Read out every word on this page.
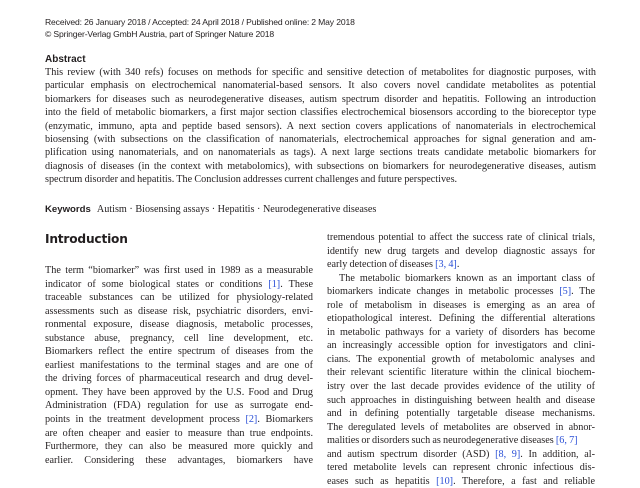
Received: 26 January 2018 / Accepted: 24 April 2018 / Published online: 2 May 2018
© Springer-Verlag GmbH Austria, part of Springer Nature 2018
Abstract
This review (with 340 refs) focuses on methods for specific and sensitive detection of metabolites for diagnostic purposes, with
particular emphasis on electrochemical nanomaterial-based sensors. It also covers novel candidate metabolites as potential
biomarkers for diseases such as neurodegenerative diseases, autism spectrum disorder and hepatitis. Following an introduction
into the field of metabolic biomarkers, a first major section classifies electrochemical biosensors according to the bioreceptor type
(enzymatic, immuno, apta and peptide based sensors). A next section covers applications of nanomaterials in electrochemical
biosensing (with subsections on the classification of nanomaterials, electrochemical approaches for signal generation and am-
plification using nanomaterials, and on nanomaterials as tags). A next large sections treats candidate metabolic biomarkers for
diagnosis of diseases (in the context with metabolomics), with subsections on biomarkers for neurodegenerative diseases, autism
spectrum disorder and hepatitis. The Conclusion addresses current challenges and future perspectives.
Keywords Autism · Biosensing assays · Hepatitis · Neurodegenerative diseases
Introduction
The term “biomarker” was first used in 1989 as a measurable
indicator of some biological states or conditions [1]. These
traceable substances can be utilized for physiology-related
assessments such as disease risk, psychiatric disorders, envi-
ronmental exposure, disease diagnosis, metabolic processes,
substance abuse, pregnancy, cell line development, etc.
Biomarkers reflect the entire spectrum of diseases from the
earliest manifestations to the terminal stages and are one of
the driving forces of pharmaceutical research and drug devel-
opment. They have been approved by the U.S. Food and Drug
Administration (FDA) regulation for use as surrogate end-
points in the treatment development process [2]. Biomarkers
are often cheaper and easier to measure than true endpoints.
Furthermore, they can also be measured more quickly and
earlier. Considering these advantages, biomarkers have
tremendous potential to affect the success rate of clinical trials,
identify new drug targets and develop diagnostic assays for
early detection of diseases [3, 4].
The metabolic biomarkers known as an important class of
biomarkers indicate changes in metabolic processes [5]. The
role of metabolism in diseases is emerging as an area of
etiopathological interest. Defining the differential alterations
in metabolic pathways for a variety of disorders has become
an increasingly accessible option for investigators and clini-
cians. The exponential growth of metabolomic analyses and
their relevant scientific literature within the clinical biochem-
istry over the last decade provides evidence of the utility of
such approaches in distinguishing between health and disease
and in defining potentially targetable disease mechanisms.
The deregulated levels of metabolites are observed in abnor-
malities or disorders such as neurodegenerative diseases [6, 7]
and autism spectrum disorder (ASD) [8, 9]. In addition, al-
tered metabolite levels can represent chronic infectious dis-
eases such as hepatitis [10]. Therefore, a fast and reliable
